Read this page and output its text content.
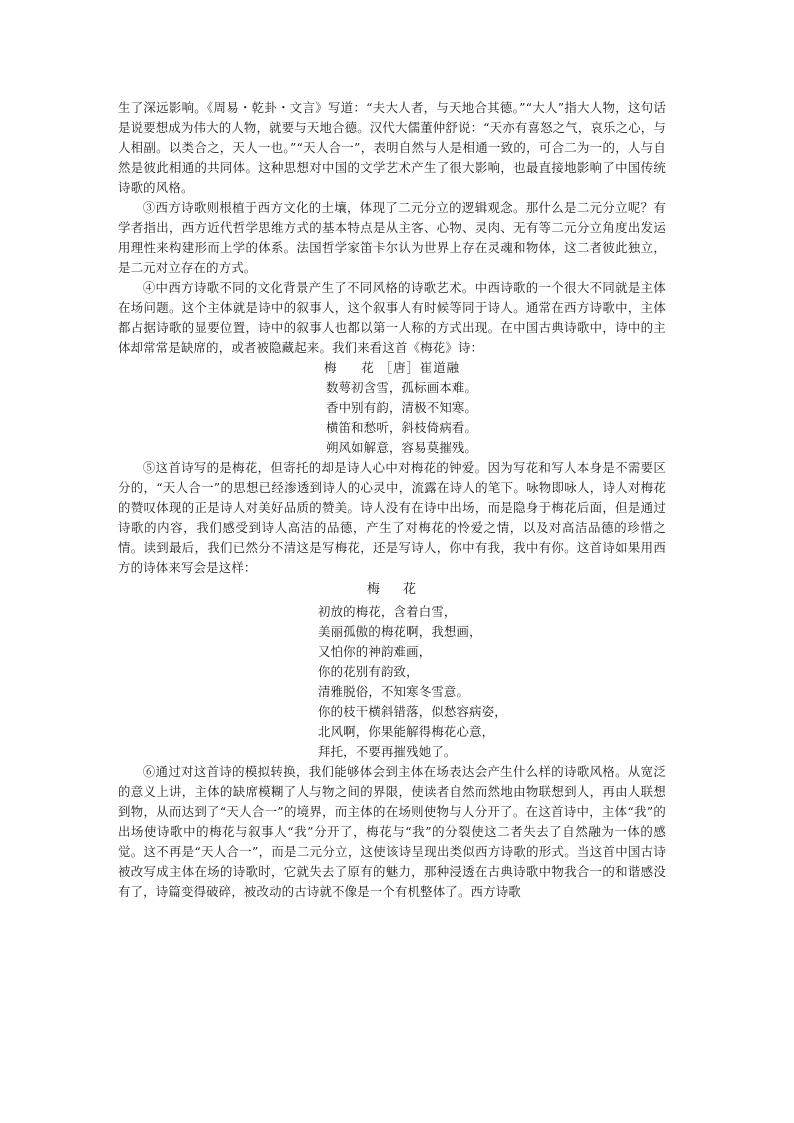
生了深远影响。《周易・乾卦・文言》写道：“夫大人者，与天地合其德。”“大人”指大人物，这句话是说要想成为伟大的人物，就要与天地合德。汉代大儒董仲舒说：“天亦有喜怒之气，哀乐之心，与人相副。以类合之，天人一也。”“天人合一”，表明自然与人是相通一致的，可合二为一的，人与自然是彼此相通的共同体。这种思想对中国的文学艺术产生了很大影响，也最直接地影响了中国传统诗歌的风格。

③西方诗歌则根植于西方文化的土壤，体现了二元分立的逻辑观念。那什么是二元分立呢？有学者指出，西方近代哲学思维方式的基本特点是从主客、心物、灵肉、无有等二元分立角度出发运用理性来构建形而上学的体系。法国哲学家笛卡尔认为世界上存在灵魂和物体，这二者彼此独立，是二元对立存在的方式。

④中西方诗歌不同的文化背景产生了不同风格的诗歌艺术。中西诗歌的一个很大不同就是主体在场问题。这个主体就是诗中的叙事人，这个叙事人有时候等同于诗人。通常在西方诗歌中，主体都占据诗歌的显要位置，诗中的叙事人也都以第一人称的方式出现。在中国古典诗歌中，诗中的主体却常常是缺席的，或者被隐藏起来。我们来看这首《梅花》诗：

梅 花 ［唐］崔道融
数萼初含雪，孤标画本难。
香中别有韵，清极不知寒。
横笛和愁听，斜枝倚病看。
朔风如解意，容易莫摧残。

⑤这首诗写的是梅花，但寄托的却是诗人心中对梅花的钟爱。因为写花和写人本身是不需要区分的，“天人合一”的思想已经渗透到诗人的心灵中，流露在诗人的笔下。咏物即咏人，诗人对梅花的赞叹体现的正是诗人对美好品质的赞美。诗人没有在诗中出场，而是隐身于梅花后面，但是通过诗歌的内容，我们感受到诗人高洁的品德，产生了对梅花的怜爱之情，以及对高洁品德的珍惜之情。读到最后，我们已然分不清这是写梅花，还是写诗人，你中有我，我中有你。这首诗如果用西方的诗体来写会是这样：

梅 花
初放的梅花，含着白雪，
美丽孤傲的梅花啊，我想画，
又怕你的神韵难画，
你的花别有韵致，
清雅脱俗，不知寒冬雪意。
你的枝干横斜错落，似愁容病姿，
北风啊，你果能解得梅花心意，
拜托，不要再摧残她了。

⑥通过对这首诗的模拟转换，我们能够体会到主体在场表达会产生什么样的诗歌风格。从宽泛的意义上讲，主体的缺席模糊了人与物之间的界限，使读者自然而然地由物联想到人，再由人联想到物，从而达到了“天人合一”的境界，而主体的在场则使物与人分开了。在这首诗中，主体“我”的出场使诗歌中的梅花与叙事人“我”分开了，梅花与“我”的分裂使这二者失去了自然融为一体的感觉。这不再是“天人合一”，而是二元分立，这使该诗呈现出类似西方诗歌的形式。当这首中国古诗被改写成主体在场的诗歌时，它就失去了原有的魅力，那种浸透在古典诗歌中物我合一的和谐感没有了，诗篇变得破碎，被改动的古诗就不像是一个有机整体了。西方诗歌
